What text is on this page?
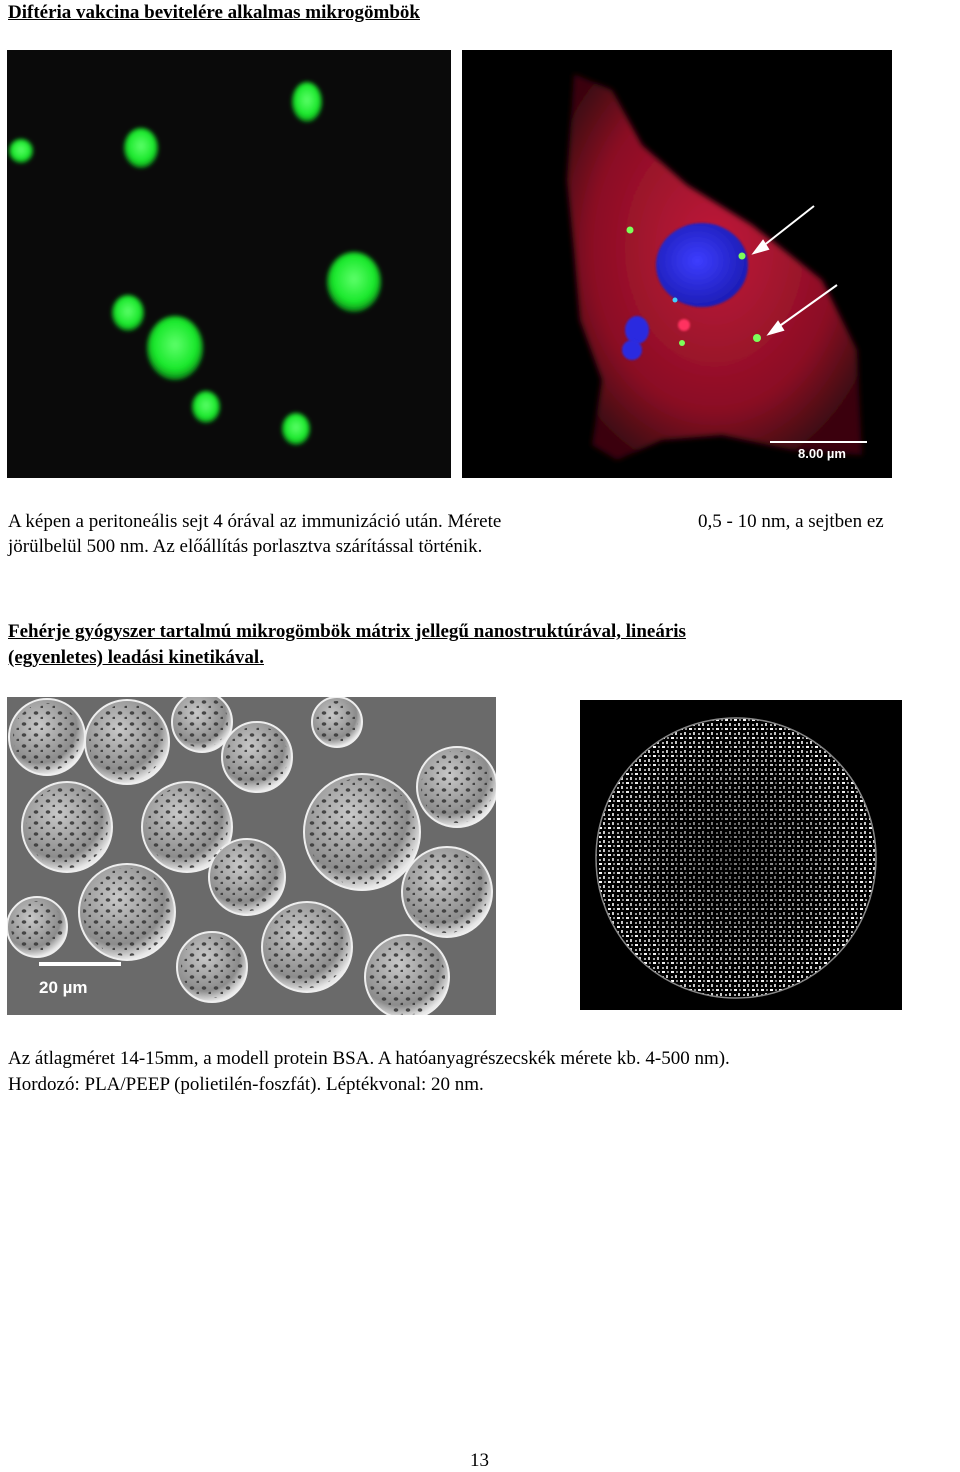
Diftéria vakcina bevitelére alkalmas mikrogömbök
8.00 µm
A képen a peritoneális sejt 4 órával az immunizáció után. Mérete	0,5 - 10 nm, a sejtben ez
jörülbelül 500 nm. Az előállítás porlasztva szárítással történik.
Fehérje gyógyszer tartalmú mikrogömbök mátrix jellegű nanostruktúrával, lineáris
(egyenletes) leadási kinetikával.
20 µm
Az átlagméret 14-15mm, a modell protein BSA. A hatóanyagrészecskék mérete kb. 4-500 nm).
Hordozó: PLA/PEEP (polietilén-foszfát). Léptékvonal: 20 nm.
13
